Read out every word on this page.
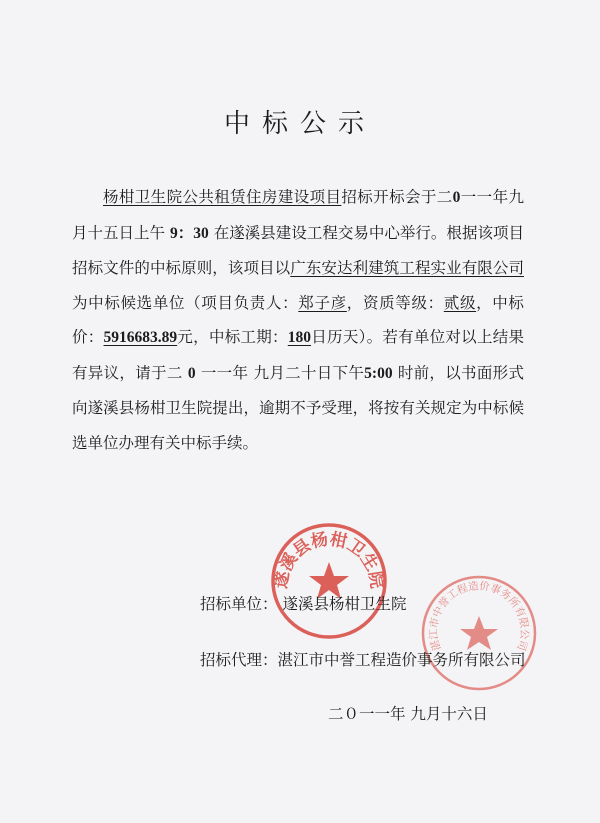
中标公示

杨柑卫生院公共租赁住房建设项目招标开标会于二0一一年九月十五日上午 9：30 在遂溪县建设工程交易中心举行。根据该项目招标文件的中标原则，该项目以广东安达利建筑工程实业有限公司 为中标候选单位（项目负责人：郑子彦，资质等级：贰级，中标价：5916683.89元，中标工期：180日历天）。若有单位对以上结果有异议，请于二 0 一一年 九月二十日下午5:00 时前，以书面形式向遂溪县杨柑卫生院提出，逾期不予受理，将按有关规定为中标候选单位办理有关中标手续。

遂溪县杨柑卫生院
湛江市中誉工程造价事务所有限公司
招标单位： 遂溪县杨柑卫生院
招标代理：湛江市中誉工程造价事务所有限公司
二０一一年 九月十六日
